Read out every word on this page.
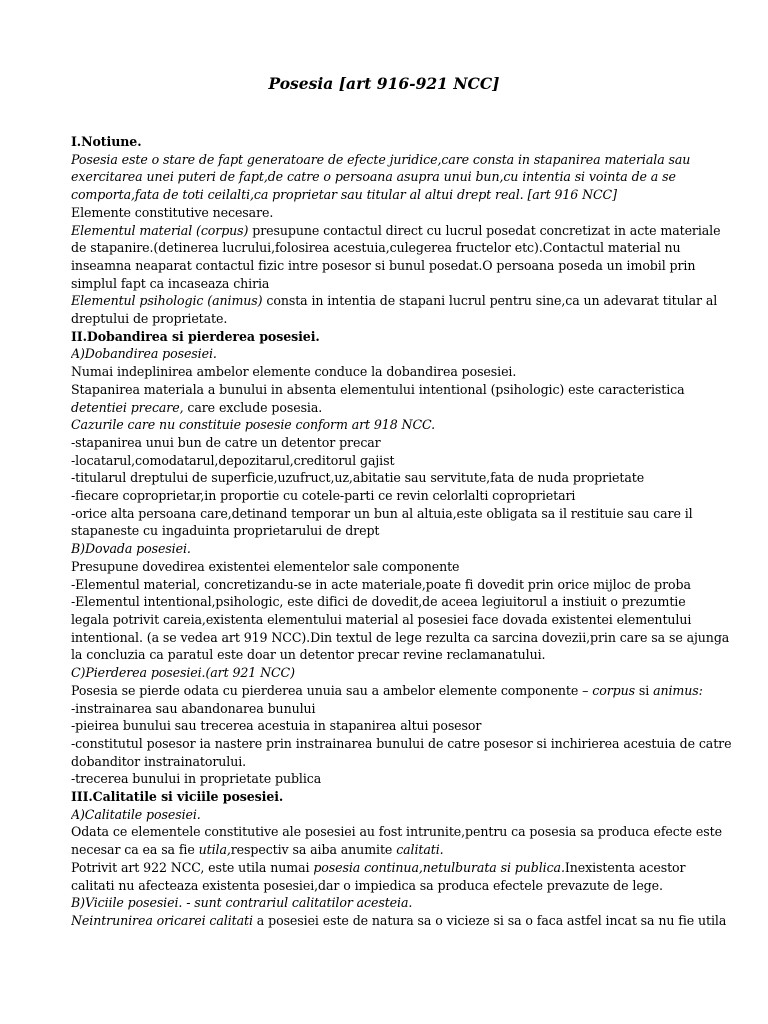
Posesia [art 916-921 NCC]
I.Notiune.
Posesia este o stare de fapt generatoare de efecte juridice,care consta in stapanirea materiala sau
exercitarea unei puteri de fapt,de catre o persoana asupra unui bun,cu intentia si vointa de a se
comporta,fata de toti ceilalti,ca proprietar sau titular al altui drept real. [art 916 NCC]
Elemente constitutive necesare.
Elementul material (corpus) presupune contactul direct cu lucrul posedat concretizat in acte materiale
de stapanire.(detinerea lucrului,folosirea acestuia,culegerea fructelor etc).Contactul material nu
inseamna neaparat contactul fizic intre posesor si bunul posedat.O persoana poseda un imobil prin
simplul fapt ca incaseaza chiria
Elementul psihologic (animus) consta in intentia de stapani lucrul pentru sine,ca un adevarat titular al
dreptului de proprietate.
II.Dobandirea si pierderea posesiei.
A)Dobandirea posesiei.
Numai indeplinirea ambelor elemente conduce la dobandirea posesiei.
Stapanirea materiala a bunului in absenta elementului intentional (psihologic) este caracteristica
detentiei precare, care exclude posesia.
Cazurile care nu constituie posesie conform art 918 NCC.
-stapanirea unui bun de catre un detentor precar
-locatarul,comodatarul,depozitarul,creditorul gajist
-titularul dreptului de superficie,uzufruct,uz,abitatie sau servitute,fata de nuda proprietate
-fiecare coproprietar,in proportie cu cotele-parti ce revin celorlalti coproprietari
-orice alta persoana care,detinand temporar un bun al altuia,este obligata sa il restituie sau care il
stapaneste cu ingaduinta proprietarului de drept
B)Dovada posesiei.
Presupune dovedirea existentei elementelor sale componente
-Elementul material, concretizandu-se in acte materiale,poate fi dovedit prin orice mijloc de proba
-Elementul intentional,psihologic, este difici de dovedit,de aceea legiuitorul a instiuit o prezumtie
legala potrivit careia,existenta elementului material al posesiei face dovada existentei elementului
intentional. (a se vedea art 919 NCC).Din textul de lege rezulta ca sarcina dovezii,prin care sa se ajunga
la concluzia ca paratul este doar un detentor precar revine reclamanatului.
C)Pierderea posesiei.(art 921 NCC)
Posesia se pierde odata cu pierderea unuia sau a ambelor elemente componente – corpus si animus:
-instrainarea sau abandonarea bunului
-pieirea bunului sau trecerea acestuia in stapanirea altui posesor
-constitutul posesor ia nastere prin instrainarea bunului de catre posesor si inchirierea acestuia de catre
dobanditor instrainatorului.
-trecerea bunului in proprietate publica
III.Calitatile si viciile posesiei.
A)Calitatile posesiei.
Odata ce elementele constitutive ale posesiei au fost intrunite,pentru ca posesia sa produca efecte este
necesar ca ea sa fie utila,respectiv sa aiba anumite calitati.
Potrivit art 922 NCC, este utila numai posesia continua,netulburata si publica.Inexistenta acestor
calitati nu afecteaza existenta posesiei,dar o impiedica sa produca efectele prevazute de lege.
B)Viciile posesiei. - sunt contrariul calitatilor acesteia.
Neintrunirea oricarei calitati a posesiei este de natura sa o vicieze si sa o faca astfel incat sa nu fie utila
